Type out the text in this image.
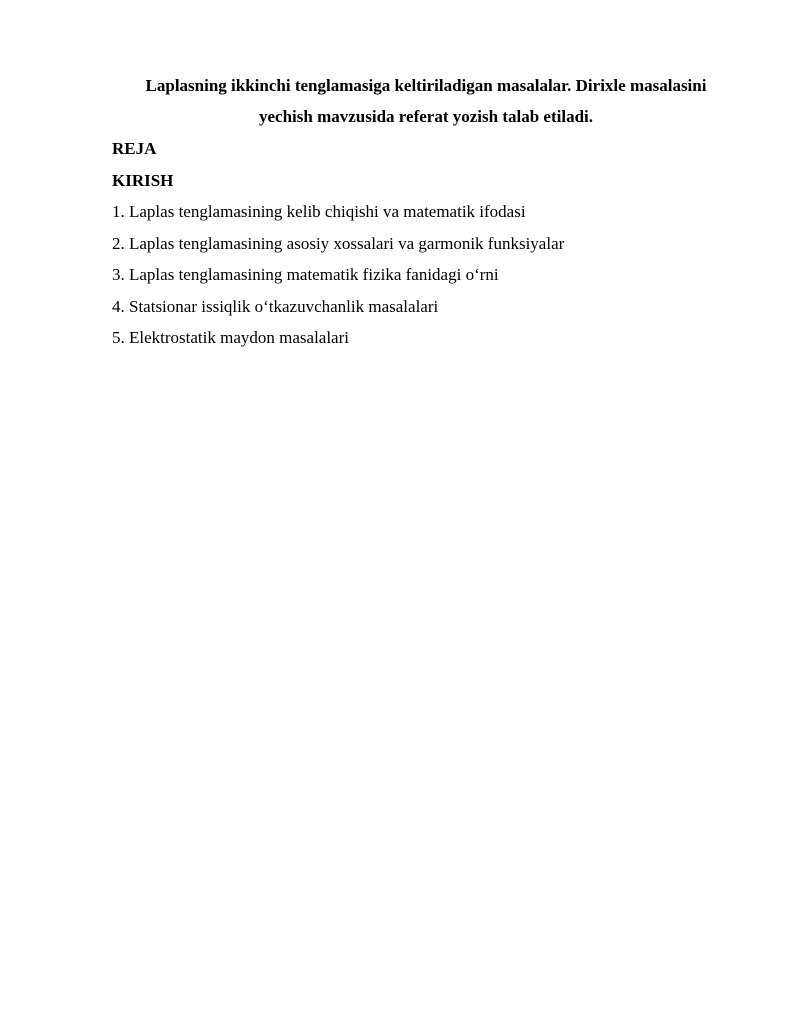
Laplasning ikkinchi tenglamasiga keltiriladigan masalalar. Dirixle masalasini
yechish mavzusida referat yozish talab etiladi.

REJA
KIRISH
1. Laplas tenglamasining kelib chiqishi va matematik ifodasi
2. Laplas tenglamasining asosiy xossalari va garmonik funksiyalar
3. Laplas tenglamasining matematik fizika fanidagi o‘rni
4. Statsionar issiqlik o‘tkazuvchanlik masalalari
5. Elektrostatik maydon masalalari
